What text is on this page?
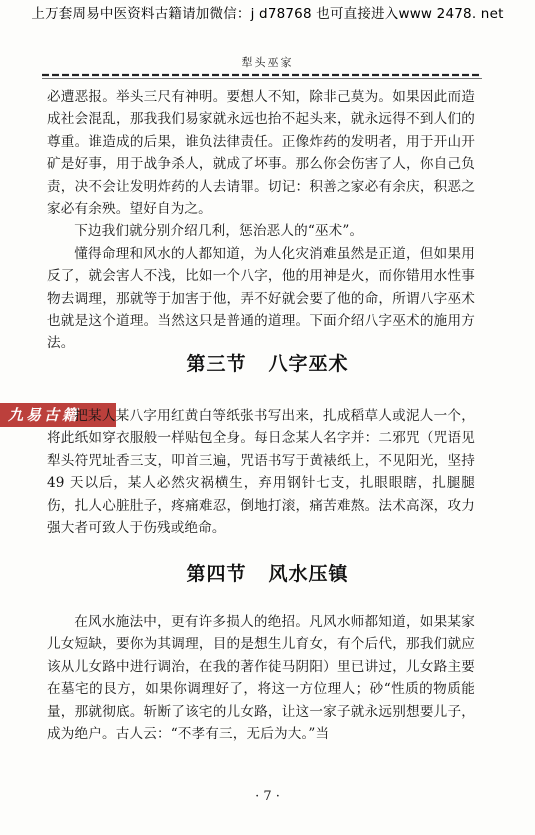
上万套周易中医资料古籍请加微信：j d78768 也可直接进入www 2478. net
犁头巫家

必遭恶报。举头三尺有神明。要想人不知，除非己莫为。如果因此而造成社会混乱，那我我们易家就永远也抬不起头来，就永远得不到人们的尊重。谁造成的后果，谁负法律责任。正像炸药的发明者，用于开山开矿是好事，用于战争杀人，就成了坏事。那么你会伤害了人，你自己负责，决不会让发明炸药的人去请罪。切记：积善之家必有余庆，积恶之家必有余殃。望好自为之。

下边我们就分别介绍几利，惩治恶人的“巫术”。

懂得命理和风水的人都知道，为人化灾消难虽然是正道，但如果用反了，就会害人不浅，比如一个八字，他的用神是火，而你错用水性事物去调理，那就等于加害于他，弄不好就会要了他的命，所谓八字巫术也就是这个道理。当然这只是普通的道理。下面介绍八字巫术的施用方法。

第三节 八字巫术
九易古籍

把某人某八字用红黄白等纸张书写出来，扎成稻草人或泥人一个，将此纸如穿衣服般一样贴包全身。每日念某人名字并：二邪咒（咒语见犁头符咒址香三支，叩首三遍，咒语书写于黄裱纸上，不见阳光，坚持 49 天以后，某人必然灾祸横生，弃用钢针七支，扎眼眼瞎，扎腿腿伤，扎人心脏肚子，疼痛难忍，倒地打滚，痛苦难熬。法术高深，攻力强大者可致人于伤残或绝命。

第四节 风水压镇

在风水施法中，更有许多损人的绝招。凡风水师都知道，如果某家儿女短缺，要你为其调理，目的是想生儿育女，有个后代，那我们就应该从儿女路中进行调治，在我的著作徒马阴阳）里已讲过，儿女路主要在墓宅的艮方，如果你调理好了，将这一方位理人；砂“性质的物质能量，那就彻底。斩断了该宅的儿女路，让这一家子就永远别想要儿子，成为绝户。古人云：“不孝有三，无后为大。”当

· 7 ·
